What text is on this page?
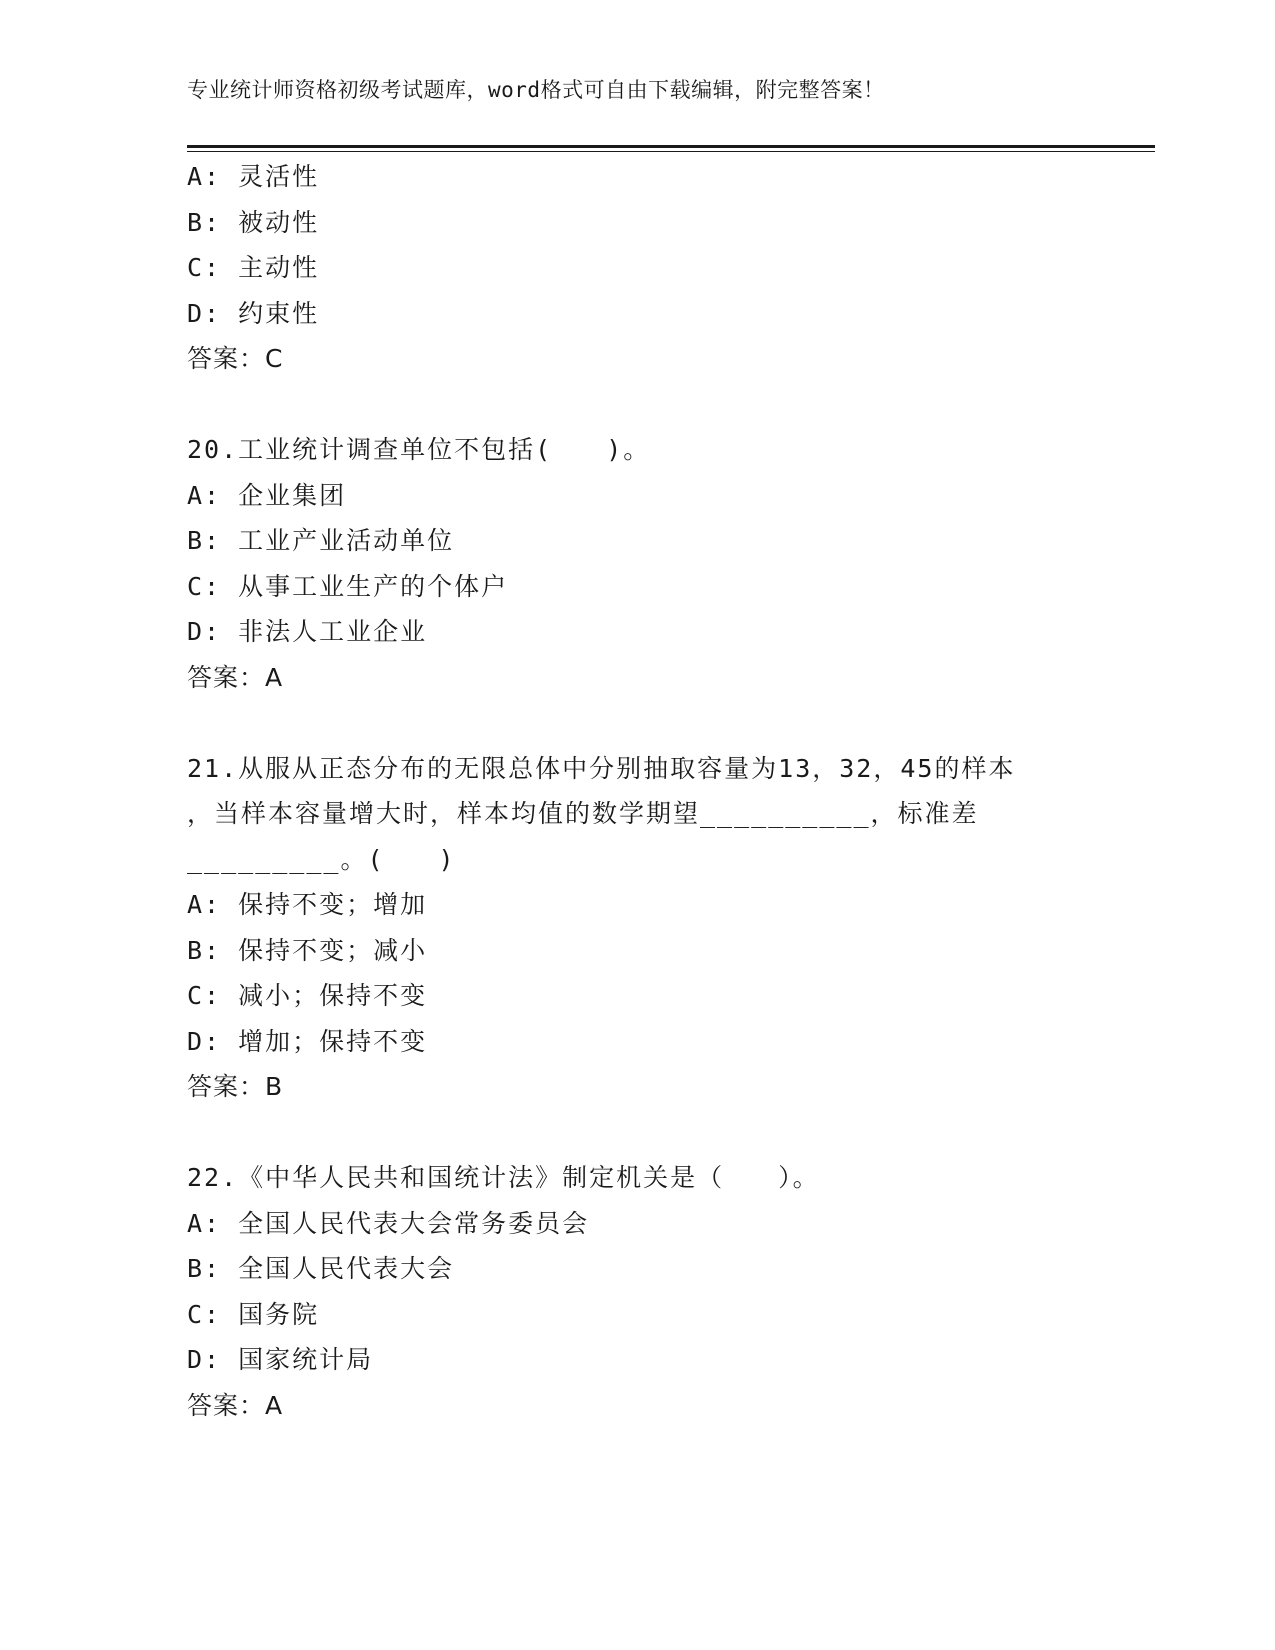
专业统计师资格初级考试题库，word格式可自由下载编辑，附完整答案！
A: 灵活性
B: 被动性
C: 主动性
D: 约束性
答案：C
20.工业统计调查单位不包括(　　)。
A: 企业集团
B: 工业产业活动单位
C: 从事工业生产的个体户
D: 非法人工业企业
答案：A
21.从服从正态分布的无限总体中分别抽取容量为13，32，45的样本
，当样本容量增大时，样本均值的数学期望__________，标准差
_________。(　　)
A: 保持不变；增加
B: 保持不变；减小
C: 减小；保持不变
D: 增加；保持不变
答案：B
22.《中华人民共和国统计法》制定机关是（　　）。
A: 全国人民代表大会常务委员会
B: 全国人民代表大会
C: 国务院
D: 国家统计局
答案：A
